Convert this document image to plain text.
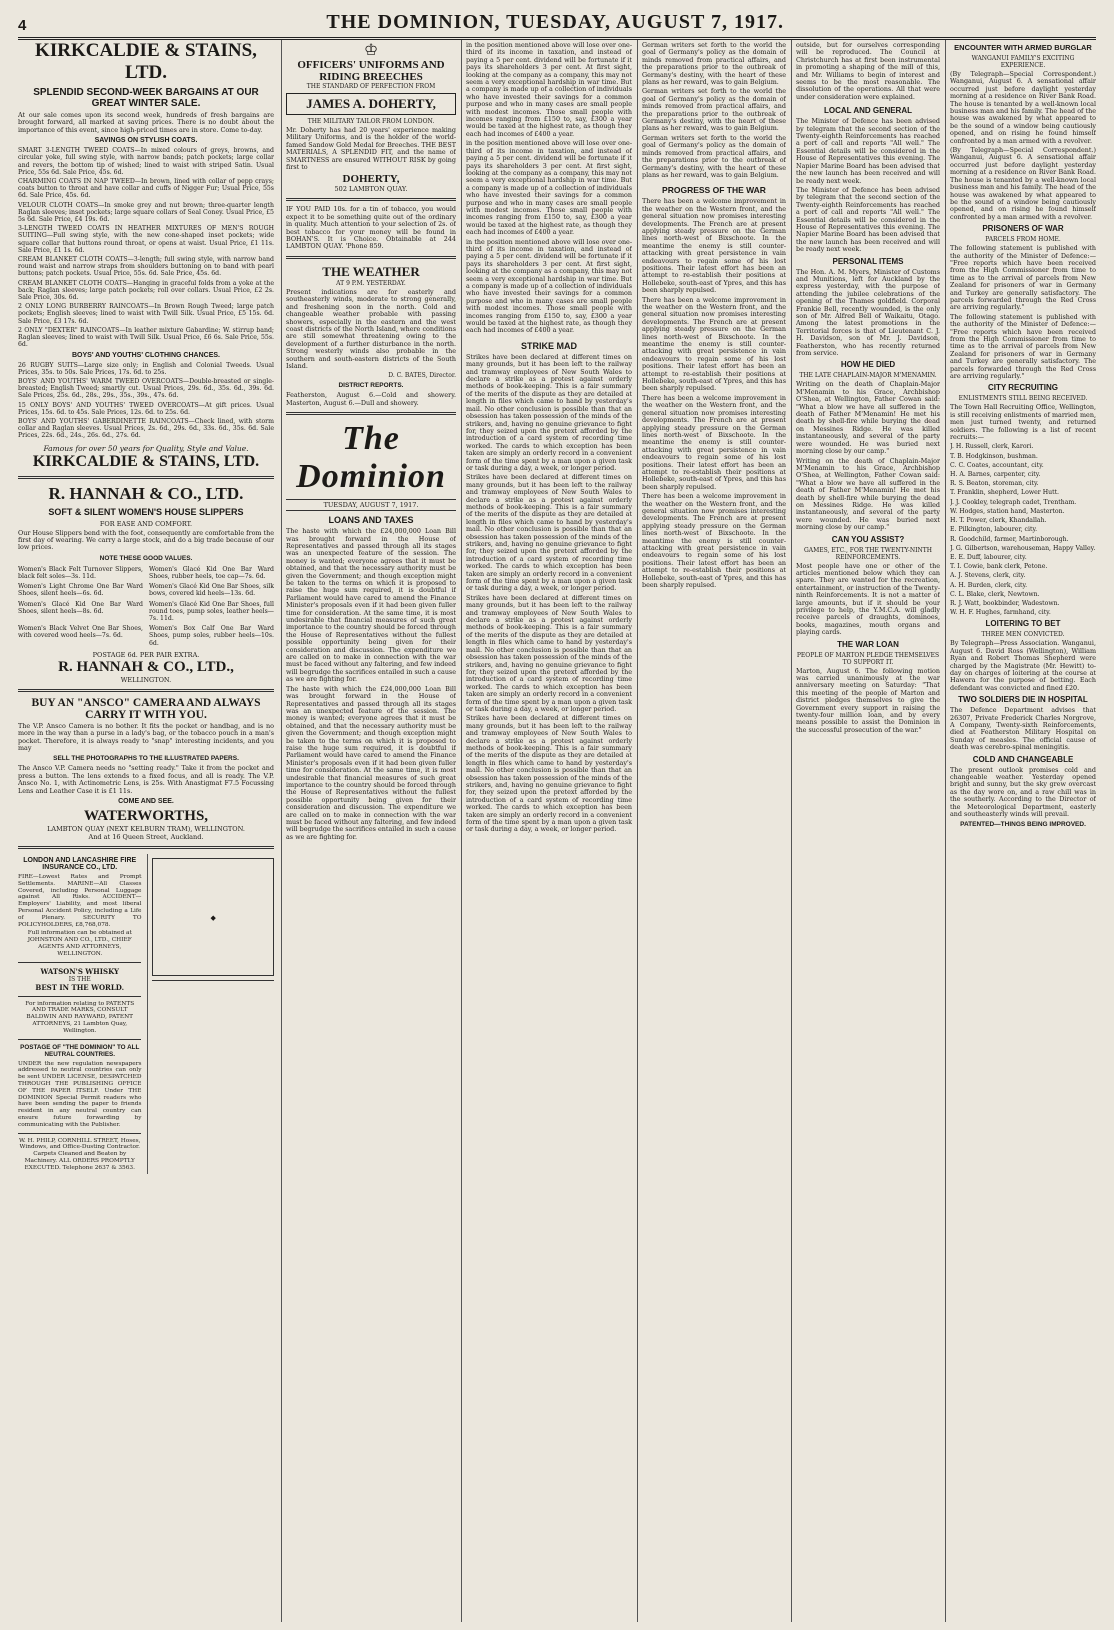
4	THE DOMINION, TUESDAY, AUGUST 7, 1917.
KIRKCALDIE & STAINS, LTD.
SPLENDID SECOND-WEEK BARGAINS AT OUR GREAT WINTER SALE.

At our sale comes upon its second week, hundreds of fresh bargains are brought forward, all marked at saving prices. There is no doubt about the importance of this event, since high-priced times are in store. Come to-day.

SAVINGS ON STYLISH COATS.

SMART 3-LENGTH TWEED COATS—In mixed colours of greys, browns, and circular yoke, full swing style, with narrow bands; patch pockets; large collar and revers, the bottom tip of wished; lined to waist with striped Satin. Usual Price, 55s 6d. Sale Price, 45s. 6d.

CHARMING COATS IN NAP TWEED—In brown, lined with collar of pepp crays; coats button to throat and have collar and cuffs of Nigger Fur; Usual Price, 55s 6d. Sale Price, 45s. 6d.

VELOUR CLOTH COATS—In smoke grey and nut brown; three-quarter length Raglan sleeves; inset pockets; large square collars of Seal Coney. Usual Price, £5 5s 6d. Sale Price, £4 19s. 6d.

3-LENGTH TWEED COATS IN HEATHER MIXTURES OF MEN'S ROUGH SUITING—Full swing style, with the new cone-shaped inset pockets; wide square collar that buttons round throat, or opens at waist. Usual Price, £1 11s. Sale Price, £1 1s. 6d.

CREAM BLANKET CLOTH COATS—3-length; full swing style, with narrow band round waist and narrow straps from shoulders buttoning on to band with pearl buttons; patch pockets. Usual Price, 55s. 6d. Sale Price, 45s. 6d.

CREAM BLANKET CLOTH COATS—Hanging in graceful folds from a yoke at the back; Raglan sleeves; large patch pockets; roll over collars. Usual Price, £2 2s. Sale Price, 30s. 6d.

2 ONLY LONG BURBERRY RAINCOATS—In Brown Rough Tweed; large patch pockets; English sleeves; lined to waist with Twill Silk. Usual Price, £5 15s. 6d. Sale Price, £3 17s. 6d.

2 ONLY "DEXTER" RAINCOATS—In leather mixture Gabardine; W. stirrup band; Raglan sleeves; lined to waist with Twill Silk. Usual Price, £6 6s. Sale Price, 55s. 6d.

BOYS' AND YOUTHS' CLOTHING CHANCES.

26 RUGBY SUITS—Large size only; in English and Colonial Tweeds. Usual Prices, 35s. to 50s. Sale Prices, 17s. 6d. to 25s.

BOYS' AND YOUTHS' WARM TWEED OVERCOATS—Double-breasted or single-breasted; English Tweed; smartly cut. Usual Prices, 29s. 6d., 35s. 6d., 39s. 6d. Sale Prices, 25s. 6d., 28s., 29s., 35s., 39s., 47s. 6d.

15 ONLY BOYS' AND YOUTHS' TWEED OVERCOATS—At gift prices. Usual Prices, 15s. 6d. to 45s. Sale Prices, 12s. 6d. to 25s. 6d.

BOYS' AND YOUTHS' GABERDINETTE RAINCOATS—Check lined, with storm collar and Raglan sleeves. Usual Prices, 2s. 6d., 29s. 6d., 33s. 6d., 35s. 6d. Sale Prices, 22s. 6d., 24s., 26s. 6d., 27s. 6d.

Famous for over 50 years for Quality, Style and Value.
KIRKCALDIE & STAINS, LTD.
R. HANNAH & CO., LTD.
SOFT & SILENT WOMEN'S HOUSE SLIPPERS
FOR EASE AND COMFORT.

Our House Slippers bend with the foot, consequently are comfortable from the first day of wearing. We carry a large stock, and do a big trade because of our low prices.

NOTE THESE GOOD VALUES.

Women's Black Felt Turnover Slippers, black felt soles—3s. 11d.

Women's Glacé Kid One Bar Ward Shoes, rubber heels, toe cap—7s. 6d.

Women's Light Chrome One Bar Ward Shoes, silent heels—6s. 6d.

Women's Glacé Kid One Bar Shoes, silk bows, covered kid heels—13s. 6d.

Women's Glacé Kid One Bar Ward Shoes, silent heels—8s. 6d.

Women's Glacé Kid One Bar Shoes, full round toes, pump soles, leather heels—7s. 11d.

Women's Black Velvet One Bar Shoes, with covered wood heels—7s. 6d.

Women's Box Calf One Bar Ward Shoes, pump soles, rubber heels—10s. 6d.

POSTAGE 6d. PER PAIR EXTRA.
R. HANNAH & CO., LTD.,
WELLINGTON.
BUY AN "ANSCO" CAMERA AND ALWAYS CARRY IT WITH YOU.

The V.P. Ansco Camera is no bother. It fits the pocket or handbag, and is no more in the way than a purse in a lady's bag, or the tobacco pouch in a man's pocket. Therefore, it is always ready to "snap" interesting incidents, and you may

SELL THE PHOTOGRAPHS TO THE ILLUSTRATED PAPERS.

The Ansco V.P. Camera needs no "setting ready." Take it from the pocket and press a button. The lens extends to a fixed focus, and all is ready. The V.P. Ansco No. 1, with Actinometric Lens, is 25s. With Anastigmat F7.5 Focussing Lens and Leather Case it is £1 11s.

COME AND SEE.
WATERWORTHS,
LAMBTON QUAY (NEXT KELBURN TRAM), WELLINGTON.
And at 16 Queen Street, Auckland.
LONDON AND LANCASHIRE FIRE INSURANCE CO., LTD.

FIRE—Lowest Rates and Prompt Settlements. MARINE—All Classes Covered, including Personal Luggage against All Risks. ACCIDENT—Employers' Liability, and most liberal Personal Accident Policy, including a Life of Plenary. SECURITY TO POLICYHOLDERS, £8,768,078.

Full information can be obtained at JOHNSTON AND CO., LTD., CHIEF AGENTS AND ATTORNEYS, WELLINGTON.

WATSON'S WHISKY
IS THE
BEST IN THE WORLD.

For information relating to PATENTS AND TRADE MARKS, CONSULT BALDWIN AND RAYWARD, PATENT ATTORNEYS, 21 Lambton Quay, Wellington.

POSTAGE OF "THE DOMINION" TO ALL NEUTRAL COUNTRIES.

UNDER the new regulation newspapers addressed to neutral countries can only be sent UNDER LICENSE, DESPATCHED THROUGH THE PUBLISHING OFFICE OF THE PAPER ITSELF. Under THE DOMINION Special Permit readers who have been sending the paper to friends resident in any neutral country can ensure future forwarding by communicating with the Publisher.

W. H. PHILP, CORNHILL STREET, Hoses, Windows, and Office-Dusting Contractor. Carpets Cleaned and Beaten by Machinery. ALL ORDERS PROMPTLY EXECUTED. Telephone 2637 & 3563.

◆
♔
OFFICERS' UNIFORMS AND RIDING BREECHES
THE STANDARD OF PERFECTION FROM
JAMES A. DOHERTY,
THE MILITARY TAILOR FROM LONDON.

Mr. Doherty has had 20 years' experience making Military Uniforms, and is the holder of the world-famed Sandow Gold Medal for Breeches. THE BEST MATERIALS, A SPLENDID FIT, and the name of SMARTNESS are ensured WITHOUT RISK by going first to

DOHERTY,
502 LAMBTON QUAY.

IF YOU PAID 10s. for a tin of tobacco, you would expect it to be something quite out of the ordinary in quality. Much attention to your selection of 2s. of best tobacco for your money will be found in BOHAN'S. It is Choice. Obtainable at 244 LAMBTON QUAY. 'Phone 859.

THE WEATHER
AT 9 P.M. YESTERDAY.

Present indications are for easterly and southeasterly winds, moderate to strong generally, and freshening soon in the north. Cold and changeable weather probable with passing showers, especially in the eastern and the west coast districts of the North Island, where conditions are still somewhat threatening owing to the development of a further disturbance in the north. Strong westerly winds also probable in the southern and south-eastern districts of the South Island.

D. C. BATES, Director.
DISTRICT REPORTS.

Featherston, August 6.—Cold and showery. Masterton, August 6.—Dull and showery.

The Dominion
TUESDAY, AUGUST 7, 1917.
LOANS AND TAXES

The haste with which the £24,000,000 Loan Bill was brought forward in the House of Representatives and passed through all its stages was an unexpected feature of the session. The money is wanted; everyone agrees that it must be obtained, and that the necessary authority must be given the Government; and though exception might be taken to the terms on which it is proposed to raise the huge sum required, it is doubtful if Parliament would have cared to amend the Finance Minister's proposals even if it had been given fuller time for consideration. At the same time, it is most undesirable that financial measures of such great importance to the country should be forced through the House of Representatives without the fullest possible opportunity being given for their consideration and discussion. The expenditure we are called on to make in connection with the war must be faced without any faltering, and few indeed will begrudge the sacrifices entailed in such a cause as we are fighting for.

The haste with which the £24,000,000 Loan Bill was brought forward in the House of Representatives and passed through all its stages was an unexpected feature of the session. The money is wanted; everyone agrees that it must be obtained, and that the necessary authority must be given the Government; and though exception might be taken to the terms on which it is proposed to raise the huge sum required, it is doubtful if Parliament would have cared to amend the Finance Minister's proposals even if it had been given fuller time for consideration. At the same time, it is most undesirable that financial measures of such great importance to the country should be forced through the House of Representatives without the fullest possible opportunity being given for their consideration and discussion. The expenditure we are called on to make in connection with the war must be faced without any faltering, and few indeed will begrudge the sacrifices entailed in such a cause as we are fighting for.

in the position mentioned above will lose over one-third of its income in taxation, and instead of paying a 5 per cent. dividend will be fortunate if it pays its shareholders 3 per cent. At first sight, looking at the company as a company, this may not seem a very exceptional hardship in war time. But a company is made up of a collection of individuals who have invested their savings for a common purpose and who in many cases are small people with modest incomes. Those small people with incomes ranging from £150 to, say, £300 a year would be taxed at the highest rate, as though they each had incomes of £400 a year.

in the position mentioned above will lose over one-third of its income in taxation, and instead of paying a 5 per cent. dividend will be fortunate if it pays its shareholders 3 per cent. At first sight, looking at the company as a company, this may not seem a very exceptional hardship in war time. But a company is made up of a collection of individuals who have invested their savings for a common purpose and who in many cases are small people with modest incomes. Those small people with incomes ranging from £150 to, say, £300 a year would be taxed at the highest rate, as though they each had incomes of £400 a year.

in the position mentioned above will lose over one-third of its income in taxation, and instead of paying a 5 per cent. dividend will be fortunate if it pays its shareholders 3 per cent. At first sight, looking at the company as a company, this may not seem a very exceptional hardship in war time. But a company is made up of a collection of individuals who have invested their savings for a common purpose and who in many cases are small people with modest incomes. Those small people with incomes ranging from £150 to, say, £300 a year would be taxed at the highest rate, as though they each had incomes of £400 a year.

STRIKE MAD

Strikes have been declared at different times on many grounds, but it has been left to the railway and tramway employees of New South Wales to declare a strike as a protest against orderly methods of book-keeping. This is a fair summary of the merits of the dispute as they are detailed at length in files which came to hand by yesterday's mail. No other conclusion is possible than that an obsession has taken possession of the minds of the strikers, and, having no genuine grievance to fight for, they seized upon the pretext afforded by the introduction of a card system of recording time worked. The cards to which exception has been taken are simply an orderly record in a convenient form of the time spent by a man upon a given task or task during a day, a week, or longer period.

Strikes have been declared at different times on many grounds, but it has been left to the railway and tramway employees of New South Wales to declare a strike as a protest against orderly methods of book-keeping. This is a fair summary of the merits of the dispute as they are detailed at length in files which came to hand by yesterday's mail. No other conclusion is possible than that an obsession has taken possession of the minds of the strikers, and, having no genuine grievance to fight for, they seized upon the pretext afforded by the introduction of a card system of recording time worked. The cards to which exception has been taken are simply an orderly record in a convenient form of the time spent by a man upon a given task or task during a day, a week, or longer period.

Strikes have been declared at different times on many grounds, but it has been left to the railway and tramway employees of New South Wales to declare a strike as a protest against orderly methods of book-keeping. This is a fair summary of the merits of the dispute as they are detailed at length in files which came to hand by yesterday's mail. No other conclusion is possible than that an obsession has taken possession of the minds of the strikers, and, having no genuine grievance to fight for, they seized upon the pretext afforded by the introduction of a card system of recording time worked. The cards to which exception has been taken are simply an orderly record in a convenient form of the time spent by a man upon a given task or task during a day, a week, or longer period.

Strikes have been declared at different times on many grounds, but it has been left to the railway and tramway employees of New South Wales to declare a strike as a protest against orderly methods of book-keeping. This is a fair summary of the merits of the dispute as they are detailed at length in files which came to hand by yesterday's mail. No other conclusion is possible than that an obsession has taken possession of the minds of the strikers, and, having no genuine grievance to fight for, they seized upon the pretext afforded by the introduction of a card system of recording time worked. The cards to which exception has been taken are simply an orderly record in a convenient form of the time spent by a man upon a given task or task during a day, a week, or longer period.

German writers set forth to the world the goal of Germany's policy as the domain of minds removed from practical affairs, and the preparations prior to the outbreak of Germany's destiny, with the heart of these plans as her reward, was to gain Belgium.

German writers set forth to the world the goal of Germany's policy as the domain of minds removed from practical affairs, and the preparations prior to the outbreak of Germany's destiny, with the heart of these plans as her reward, was to gain Belgium.

German writers set forth to the world the goal of Germany's policy as the domain of minds removed from practical affairs, and the preparations prior to the outbreak of Germany's destiny, with the heart of these plans as her reward, was to gain Belgium.

PROGRESS OF THE WAR

There has been a welcome improvement in the weather on the Western front, and the general situation now promises interesting developments. The French are at present applying steady pressure on the German lines north-west of Bixschoote. In the meantime the enemy is still counter-attacking with great persistence in vain endeavours to regain some of his lost positions. Their latest effort has been an attempt to re-establish their positions at Hollebeke, south-east of Ypres, and this has been sharply repulsed.

There has been a welcome improvement in the weather on the Western front, and the general situation now promises interesting developments. The French are at present applying steady pressure on the German lines north-west of Bixschoote. In the meantime the enemy is still counter-attacking with great persistence in vain endeavours to regain some of his lost positions. Their latest effort has been an attempt to re-establish their positions at Hollebeke, south-east of Ypres, and this has been sharply repulsed.

There has been a welcome improvement in the weather on the Western front, and the general situation now promises interesting developments. The French are at present applying steady pressure on the German lines north-west of Bixschoote. In the meantime the enemy is still counter-attacking with great persistence in vain endeavours to regain some of his lost positions. Their latest effort has been an attempt to re-establish their positions at Hollebeke, south-east of Ypres, and this has been sharply repulsed.

There has been a welcome improvement in the weather on the Western front, and the general situation now promises interesting developments. The French are at present applying steady pressure on the German lines north-west of Bixschoote. In the meantime the enemy is still counter-attacking with great persistence in vain endeavours to regain some of his lost positions. Their latest effort has been an attempt to re-establish their positions at Hollebeke, south-east of Ypres, and this has been sharply repulsed.

outside, but for ourselves corresponding will be reproduced. The Council at Christchurch has at first been instrumental in promoting a shaping of the mill of this, and Mr. Williams to begin of interest and seems to be the most reasonable. The dissolution of the operations. All that were under consideration were explained.

LOCAL AND GENERAL

The Minister of Defence has been advised by telegram that the second section of the Twenty-eighth Reinforcements has reached a port of call and reports "All well." The Essential details will be considered in the House of Representatives this evening. The Napier Marine Board has been advised that the new launch has been received and will be ready next week.

The Minister of Defence has been advised by telegram that the second section of the Twenty-eighth Reinforcements has reached a port of call and reports "All well." The Essential details will be considered in the House of Representatives this evening. The Napier Marine Board has been advised that the new launch has been received and will be ready next week.

PERSONAL ITEMS

The Hon. A. M. Myers, Minister of Customs and Munitions, left for Auckland by the express yesterday, with the purpose of attending the jubilee celebrations of the opening of the Thames goldfield. Corporal Frankie Bell, recently wounded, is the only son of Mr. Alfred Bell of Waikaitu, Otago. Among the latest promotions in the Territorial forces is that of Lieutenant C. J. H. Davidson, son of Mr. J. Davidson, Featherston, who has recently returned from service.

HOW HE DIED
THE LATE CHAPLAIN-MAJOR M'MENAMIN.

Writing on the death of Chaplain-Major M'Menamin to his Grace, Archbishop O'Shea, at Wellington, Father Cowan said: "What a blow we have all suffered in the death of Father M'Menamin! He met his death by shell-fire while burying the dead on Messines Ridge. He was killed instantaneously, and several of the party were wounded. He was buried next morning close by our camp."

Writing on the death of Chaplain-Major M'Menamin to his Grace, Archbishop O'Shea, at Wellington, Father Cowan said: "What a blow we have all suffered in the death of Father M'Menamin! He met his death by shell-fire while burying the dead on Messines Ridge. He was killed instantaneously, and several of the party were wounded. He was buried next morning close by our camp."

CAN YOU ASSIST?
GAMES, ETC., FOR THE TWENTY-NINTH REINFORCEMENTS.

Most people have one or other of the articles mentioned below which they can spare. They are wanted for the recreation, entertainment, or instruction of the Twenty-ninth Reinforcements. It is not a matter of large amounts, but if it should be your privilege to help, the Y.M.C.A. will gladly receive parcels of draughts, dominoes, books, magazines, mouth organs and playing cards.

THE WAR LOAN
PEOPLE OF MARTON PLEDGE THEMSELVES TO SUPPORT IT.

Marton, August 6. The following motion was carried unanimously at the war anniversary meeting on Saturday: "That this meeting of the people of Marton and district pledges themselves to give the Government every support in raising the twenty-four million loan, and by every means possible to assist the Dominion in the successful prosecution of the war."

ENCOUNTER WITH ARMED BURGLAR
WANGANUI FAMILY'S EXCITING EXPERIENCE.

(By Telegraph—Special Correspondent.) Wanganui, August 6. A sensational affair occurred just before daylight yesterday morning at a residence on River Bank Road. The house is tenanted by a well-known local business man and his family. The head of the house was awakened by what appeared to be the sound of a window being cautiously opened, and on rising he found himself confronted by a man armed with a revolver.

(By Telegraph—Special Correspondent.) Wanganui, August 6. A sensational affair occurred just before daylight yesterday morning at a residence on River Bank Road. The house is tenanted by a well-known local business man and his family. The head of the house was awakened by what appeared to be the sound of a window being cautiously opened, and on rising he found himself confronted by a man armed with a revolver.

PRISONERS OF WAR
PARCELS FROM HOME.

The following statement is published with the authority of the Minister of Defence:— "Free reports which have been received from the High Commissioner from time to time as to the arrival of parcels from New Zealand for prisoners of war in Germany and Turkey are generally satisfactory. The parcels forwarded through the Red Cross are arriving regularly."

The following statement is published with the authority of the Minister of Defence:— "Free reports which have been received from the High Commissioner from time to time as to the arrival of parcels from New Zealand for prisoners of war in Germany and Turkey are generally satisfactory. The parcels forwarded through the Red Cross are arriving regularly."

CITY RECRUITING
ENLISTMENTS STILL BEING RECEIVED.

The Town Hall Recruiting Office, Wellington, is still receiving enlistments of married men, men just turned twenty, and returned soldiers. The following is a list of recent recruits:—

J. H. Russell, clerk, Karori.

T. B. Hodgkinson, bushman.

C. C. Coates, accountant, city.

H. A. Barnes, carpenter, city.

R. S. Beaton, storeman, city.

T. Franklin, shepherd, Lower Hutt.

J. J. Cookley, telegraph cadet, Trentham.

W. Hodges, station hand, Masterton.

H. T. Power, clerk, Khandallah.

E. Pilkington, labourer, city.

R. Goodchild, farmer, Martinborough.

J. G. Gilbertson, warehouseman, Happy Valley.

E. E. Duff, labourer, city.

T. I. Cowie, bank clerk, Petone.

A. J. Stevens, clerk, city.

A. H. Burden, clerk, city.

C. L. Blake, clerk, Newtown.

R. J. Watt, bookbinder, Wadestown.

W. H. F. Hughes, farmhand, city.

LOITERING TO BET
THREE MEN CONVICTED.

By Telegraph—Press Association. Wanganui, August 6. David Ross (Wellington), William Ryan and Robert Thomas Shepherd were charged by the Magistrate (Mr. Hewitt) to-day on charges of loitering at the course at Hawera for the purpose of betting. Each defendant was convicted and fined £20.

TWO SOLDIERS DIE IN HOSPITAL

The Defence Department advises that 26307, Private Frederick Charles Norgrove, A Company, Twenty-sixth Reinforcements, died at Featherston Military Hospital on Sunday of measles. The official cause of death was cerebro-spinal meningitis.

COLD AND CHANGEABLE

The present outlook promises cold and changeable weather. Yesterday opened bright and sunny, but the sky grew overcast as the day wore on, and a raw chill was in the southerly. According to the Director of the Meteorological Department, easterly and southeasterly winds will prevail.

PATENTED—THINGS BEING IMPROVED.
